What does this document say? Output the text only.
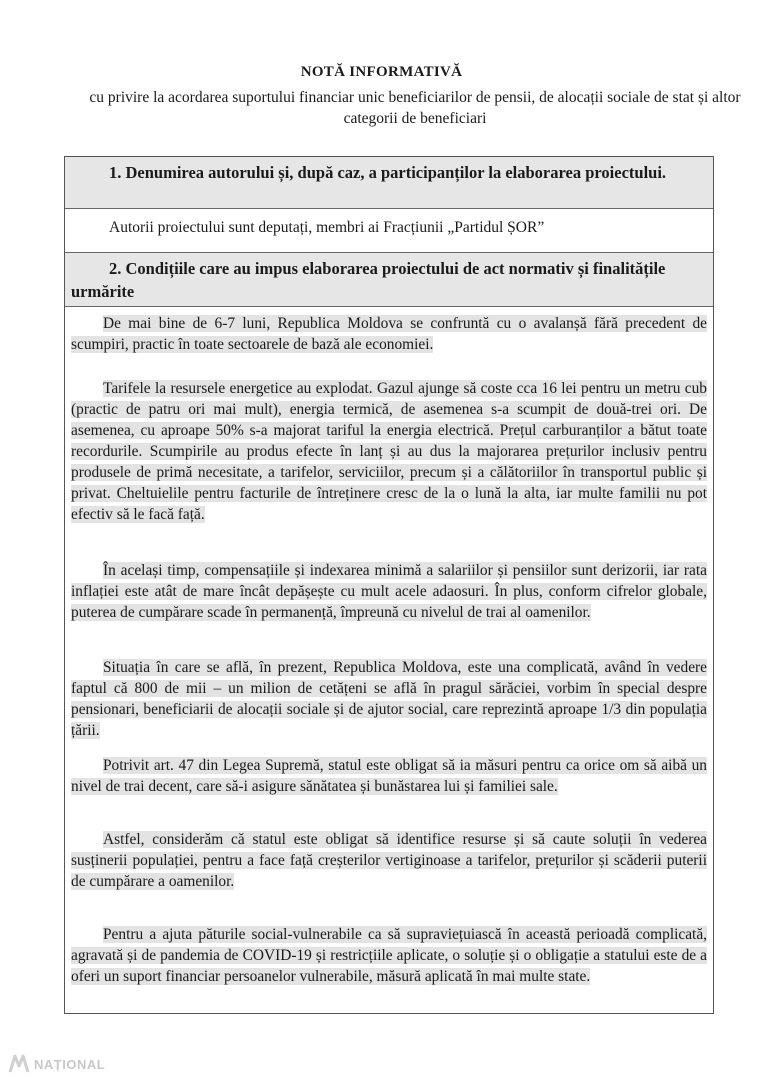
NOTĂ INFORMATIVĂ
cu privire la acordarea suportului financiar unic beneficiarilor de pensii, de alocații sociale de stat și altor categorii de beneficiari
1. Denumirea autorului și, după caz, a participanților la elaborarea proiectului.
Autorii proiectului sunt deputați, membri ai Fracțiunii „Partidul ȘOR”
2. Condițiile care au impus elaborarea proiectului de act normativ și finalitățile urmărite
De mai bine de 6-7 luni, Republica Moldova se confruntă cu o avalanșă fără precedent de scumpiri, practic în toate sectoarele de bază ale economiei.
Tarifele la resursele energetice au explodat. Gazul ajunge să coste cca 16 lei pentru un metru cub (practic de patru ori mai mult), energia termică, de asemenea s-a scumpit de două-trei ori. De asemenea, cu aproape 50% s-a majorat tariful la energia electrică. Prețul carburanților a bătut toate recordurile. Scumpirile au produs efecte în lanț și au dus la majorarea prețurilor inclusiv pentru produsele de primă necesitate, a tarifelor, serviciilor, precum și a călătoriilor în transportul public și privat. Cheltuielile pentru facturile de întreținere cresc de la o lună la alta, iar multe familii nu pot efectiv să le facă față.
În același timp, compensațiile și indexarea minimă a salariilor și pensiilor sunt derizorii, iar rata inflației este atât de mare încât depășește cu mult acele adaosuri. În plus, conform cifrelor globale, puterea de cumpărare scade în permanență, împreună cu nivelul de trai al oamenilor.
Situația în care se află, în prezent, Republica Moldova, este una complicată, având în vedere faptul că 800 de mii – un milion de cetățeni se află în pragul sărăciei, vorbim în special despre pensionari, beneficiarii de alocații sociale și de ajutor social, care reprezintă aproape 1/3 din populația țării.
Potrivit art. 47 din Legea Supremă, statul este obligat să ia măsuri pentru ca orice om să aibă un nivel de trai decent, care să-i asigure sănătatea și bunăstarea lui și familiei sale.
Astfel, considerăm că statul este obligat să identifice resurse și să caute soluții în vederea susținerii populației, pentru a face față creșterilor vertiginoase a tarifelor, prețurilor și scăderii puterii de cumpărare a oamenilor.
Pentru a ajuta păturile social-vulnerabile ca să supraviețuiască în această perioadă complicată, agravată și de pandemia de COVID-19 și restricțiile aplicate, o soluție și o obligație a statului este de a oferi un suport financiar persoanelor vulnerabile, măsură aplicată în mai multe state.
NAȚIONAL
